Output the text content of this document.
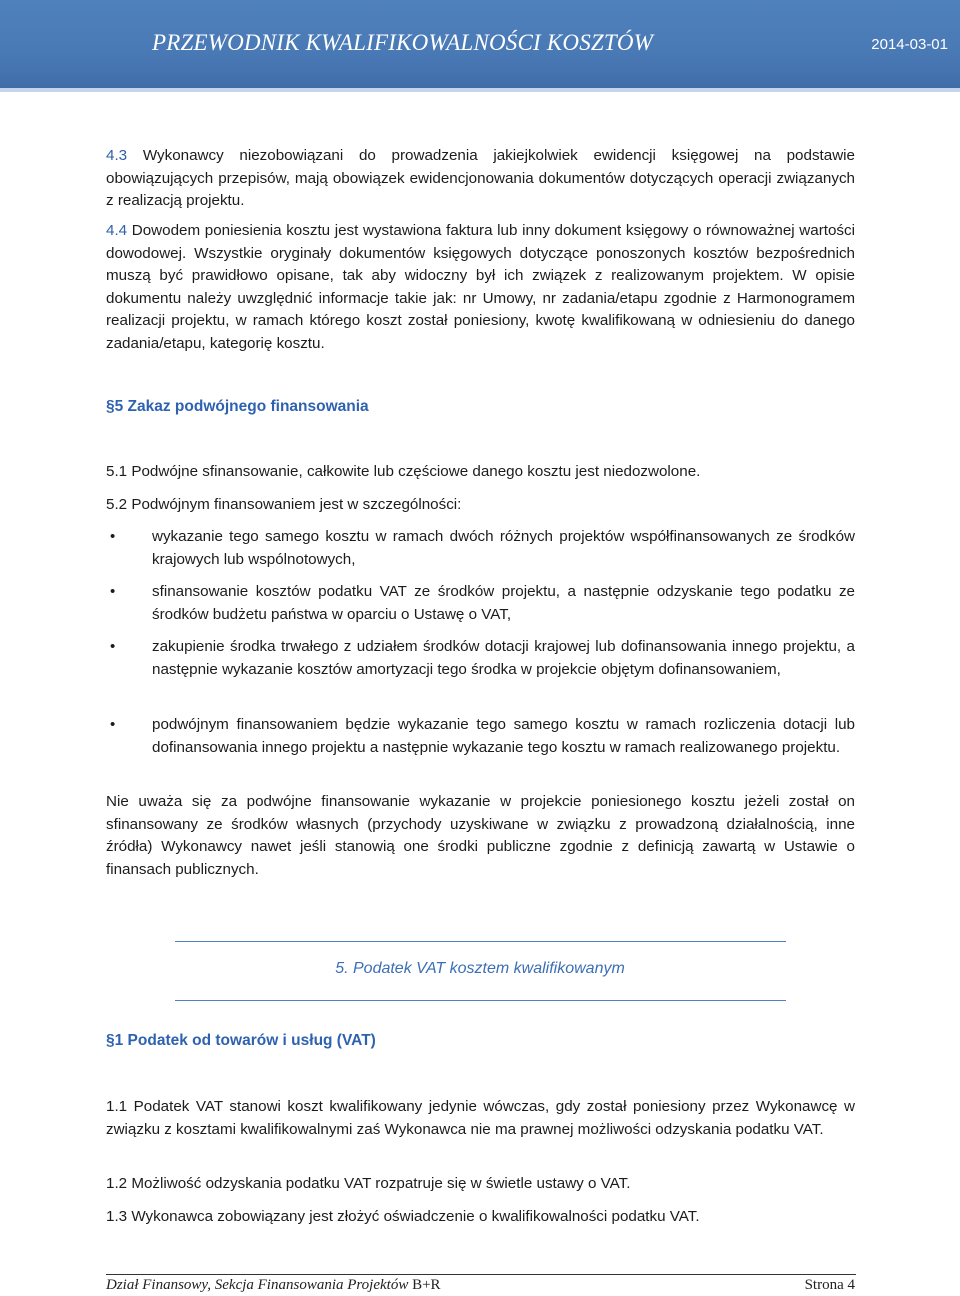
PRZEWODNIK KWALIFIKOWALNOŚCI KOSZTÓW	2014-03-01

4.3 Wykonawcy niezobowiązani do prowadzenia jakiejkolwiek ewidencji księgowej na podstawie obowiązujących przepisów, mają obowiązek ewidencjonowania dokumentów dotyczących operacji związanych z realizacją projektu.

4.4 Dowodem poniesienia kosztu jest wystawiona faktura lub inny dokument księgowy o równoważnej wartości dowodowej. Wszystkie oryginały dokumentów księgowych dotyczące ponoszonych kosztów bezpośrednich muszą być prawidłowo opisane, tak aby widoczny był ich związek z realizowanym projektem. W opisie dokumentu należy uwzględnić informacje takie jak: nr Umowy, nr zadania/etapu zgodnie z Harmonogramem realizacji projektu, w ramach którego koszt został poniesiony, kwotę kwalifikowaną w odniesieniu do danego zadania/etapu, kategorię kosztu.

§5 Zakaz podwójnego finansowania

5.1 Podwójne sfinansowanie, całkowite lub częściowe danego kosztu jest niedozwolone.

5.2 Podwójnym finansowaniem jest w szczególności:

• wykazanie tego samego kosztu w ramach dwóch różnych projektów współfinansowanych ze środków krajowych lub wspólnotowych,

• sfinansowanie kosztów podatku VAT ze środków projektu, a następnie odzyskanie tego podatku ze środków budżetu państwa w oparciu o Ustawę o VAT,

• zakupienie środka trwałego z udziałem środków dotacji krajowej lub dofinansowania innego projektu, a następnie wykazanie kosztów amortyzacji tego środka w projekcie objętym dofinansowaniem,

• podwójnym finansowaniem będzie wykazanie tego samego kosztu w ramach rozliczenia dotacji lub dofinansowania innego projektu a następnie wykazanie tego kosztu w ramach realizowanego projektu.

Nie uważa się za podwójne finansowanie wykazanie w projekcie poniesionego kosztu jeżeli został on sfinansowany ze środków własnych (przychody uzyskiwane w związku z prowadzoną działalnością, inne źródła) Wykonawcy nawet jeśli stanowią one środki publiczne zgodnie z definicją zawartą w Ustawie o finansach publicznych.

5. Podatek VAT kosztem kwalifikowanym
§1 Podatek od towarów i usług (VAT)

1.1 Podatek VAT stanowi koszt kwalifikowany jedynie wówczas, gdy został poniesiony przez Wykonawcę w związku z kosztami kwalifikowalnymi zaś Wykonawca nie ma prawnej możliwości odzyskania podatku VAT.

1.2 Możliwość odzyskania podatku VAT rozpatruje się w świetle ustawy o VAT.

1.3 Wykonawca zobowiązany jest złożyć oświadczenie o kwalifikowalności podatku VAT.

Dział Finansowy, Sekcja Finansowania Projektów B+R	Strona 4
